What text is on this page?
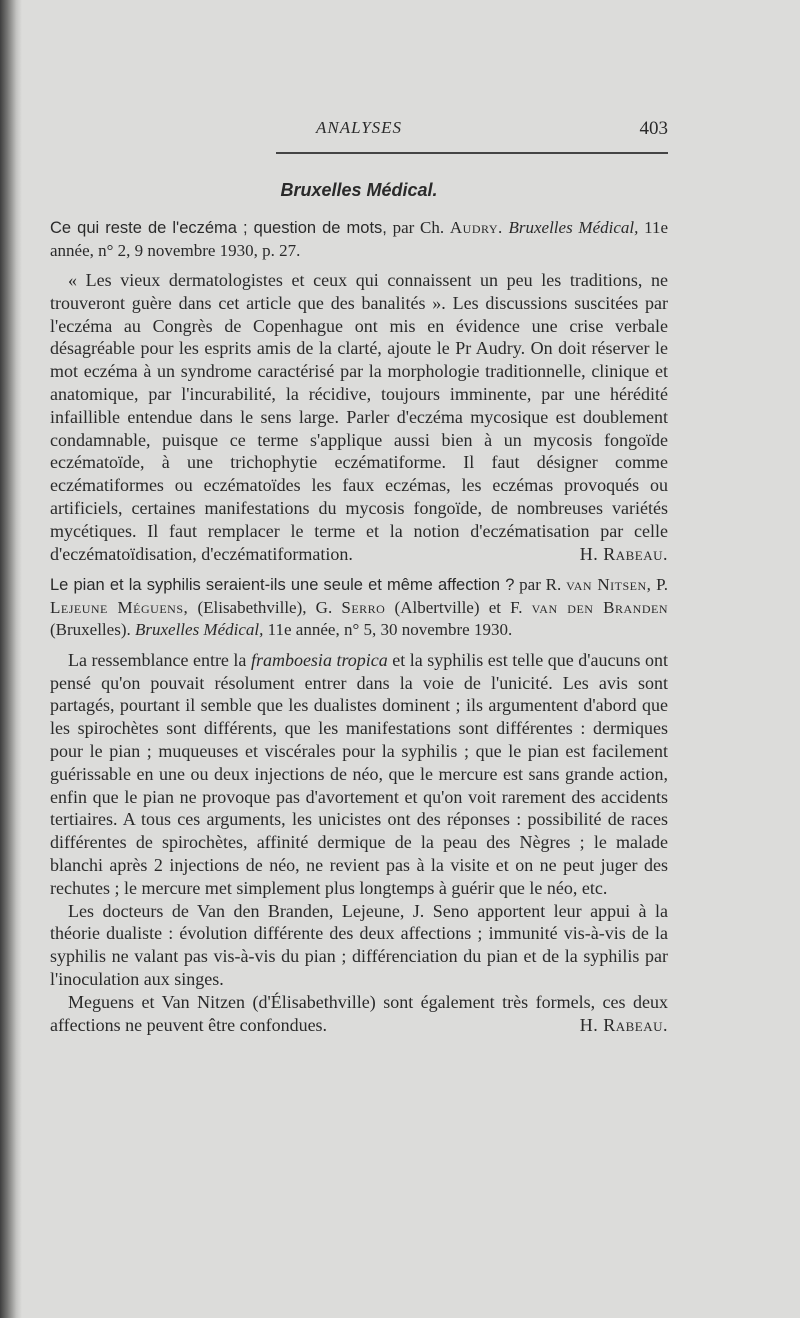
ANALYSES	403
Bruxelles Médical.

Ce qui reste de l'eczéma ; question de mots, par Ch. Audry. Bruxelles Médical, 11e année, n° 2, 9 novembre 1930, p. 27.

« Les vieux dermatologistes et ceux qui connaissent un peu les traditions, ne trouveront guère dans cet article que des banalités ». Les discussions suscitées par l'eczéma au Congrès de Copenhague ont mis en évidence une crise verbale désagréable pour les esprits amis de la clarté, ajoute le Pr Audry. On doit réserver le mot eczéma à un syndrome caractérisé par la morphologie traditionnelle, clinique et anatomique, par l'incurabilité, la récidive, toujours imminente, par une hérédité infaillible entendue dans le sens large. Parler d'eczéma mycosique est doublement condamnable, puisque ce terme s'applique aussi bien à un mycosis fongoïde eczématoïde, à une trichophytie eczématiforme. Il faut désigner comme eczématiformes ou eczématoïdes les faux eczémas, les eczémas provoqués ou artificiels, certaines manifestations du mycosis fongoïde, de nombreuses variétés mycétiques. Il faut remplacer le terme et la notion d'eczématisation par celle d'eczématoïdisation, d'eczématiformation.	H. Rabeau.

Le pian et la syphilis seraient-ils une seule et même affection ? par R. van Nitsen, P. Lejeune Méguens, (Elisabethville), G. Serro (Albertville) et F. van den Branden (Bruxelles). Bruxelles Médical, 11e année, n° 5, 30 novembre 1930.

La ressemblance entre la framboesia tropica et la syphilis est telle que d'aucuns ont pensé qu'on pouvait résolument entrer dans la voie de l'unicité. Les avis sont partagés, pourtant il semble que les dualistes dominent ; ils argumentent d'abord que les spirochètes sont différents, que les manifestations sont différentes : dermiques pour le pian ; muqueuses et viscérales pour la syphilis ; que le pian est facilement guérissable en une ou deux injections de néo, que le mercure est sans grande action, enfin que le pian ne provoque pas d'avortement et qu'on voit rarement des accidents tertiaires. A tous ces arguments, les unicistes ont des réponses : possibilité de races différentes de spirochètes, affinité dermique de la peau des Nègres ; le malade blanchi après 2 injections de néo, ne revient pas à la visite et on ne peut juger des rechutes ; le mercure met simplement plus longtemps à guérir que le néo, etc.

Les docteurs de Van den Branden, Lejeune, J. Seno apportent leur appui à la théorie dualiste : évolution différente des deux affections ; immunité vis-à-vis de la syphilis ne valant pas vis-à-vis du pian ; différenciation du pian et de la syphilis par l'inoculation aux singes.

Meguens et Van Nitzen (d'Élisabethville) sont également très formels, ces deux affections ne peuvent être confondues.	H. Rabeau.
